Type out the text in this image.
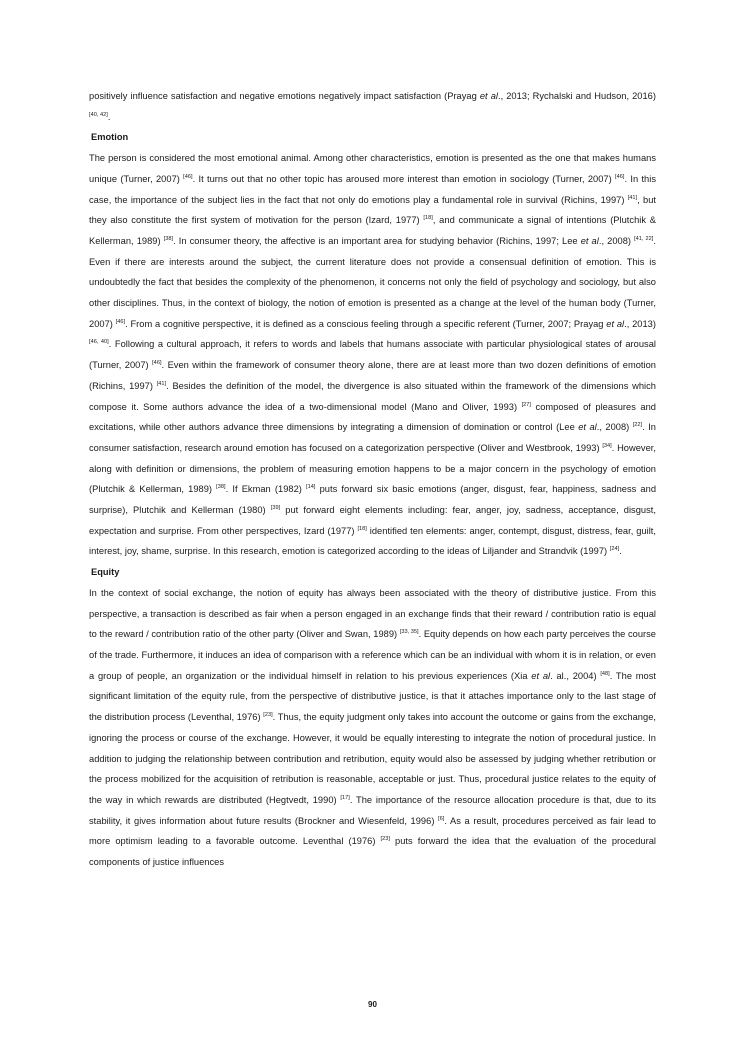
positively influence satisfaction and negative emotions negatively impact satisfaction (Prayag et al., 2013; Rychalski and Hudson, 2016) [40, 42].

Emotion

The person is considered the most emotional animal. Among other characteristics, emotion is presented as the one that makes humans unique (Turner, 2007) [46]. It turns out that no other topic has aroused more interest than emotion in sociology (Turner, 2007) [46]. In this case, the importance of the subject lies in the fact that not only do emotions play a fundamental role in survival (Richins, 1997) [41], but they also constitute the first system of motivation for the person (Izard, 1977) [18], and communicate a signal of intentions (Plutchik & Kellerman, 1989) [38]. In consumer theory, the affective is an important area for studying behavior (Richins, 1997; Lee et al., 2008) [41, 22]. Even if there are interests around the subject, the current literature does not provide a consensual definition of emotion. This is undoubtedly the fact that besides the complexity of the phenomenon, it concerns not only the field of psychology and sociology, but also other disciplines. Thus, in the context of biology, the notion of emotion is presented as a change at the level of the human body (Turner, 2007) [46]. From a cognitive perspective, it is defined as a conscious feeling through a specific referent (Turner, 2007; Prayag et al., 2013) [46, 40]. Following a cultural approach, it refers to words and labels that humans associate with particular physiological states of arousal (Turner, 2007) [46]. Even within the framework of consumer theory alone, there are at least more than two dozen definitions of emotion (Richins, 1997) [41]. Besides the definition of the model, the divergence is also situated within the framework of the dimensions which compose it. Some authors advance the idea of a two-dimensional model (Mano and Oliver, 1993) [27] composed of pleasures and excitations, while other authors advance three dimensions by integrating a dimension of domination or control (Lee et al., 2008) [22]. In consumer satisfaction, research around emotion has focused on a categorization perspective (Oliver and Westbrook, 1993) [34]. However, along with definition or dimensions, the problem of measuring emotion happens to be a major concern in the psychology of emotion (Plutchik & Kellerman, 1989) [38]. If Ekman (1982) [14] puts forward six basic emotions (anger, disgust, fear, happiness, sadness and surprise), Plutchik and Kellerman (1980) [39] put forward eight elements including: fear, anger, joy, sadness, acceptance, disgust, expectation and surprise. From other perspectives, Izard (1977) [18] identified ten elements: anger, contempt, disgust, distress, fear, guilt, interest, joy, shame, surprise. In this research, emotion is categorized according to the ideas of Liljander and Strandvik (1997) [24].

Equity

In the context of social exchange, the notion of equity has always been associated with the theory of distributive justice. From this perspective, a transaction is described as fair when a person engaged in an exchange finds that their reward / contribution ratio is equal to the reward / contribution ratio of the other party (Oliver and Swan, 1989) [33, 35]. Equity depends on how each party perceives the course of the trade. Furthermore, it induces an idea of comparison with a reference which can be an individual with whom it is in relation, or even a group of people, an organization or the individual himself in relation to his previous experiences (Xia et al. al., 2004) [48]. The most significant limitation of the equity rule, from the perspective of distributive justice, is that it attaches importance only to the last stage of the distribution process (Leventhal, 1976) [23]. Thus, the equity judgment only takes into account the outcome or gains from the exchange, ignoring the process or course of the exchange. However, it would be equally interesting to integrate the notion of procedural justice. In addition to judging the relationship between contribution and retribution, equity would also be assessed by judging whether retribution or the process mobilized for the acquisition of retribution is reasonable, acceptable or just. Thus, procedural justice relates to the equity of the way in which rewards are distributed (Hegtvedt, 1990) [17]. The importance of the resource allocation procedure is that, due to its stability, it gives information about future results (Brockner and Wiesenfeld, 1996) [6]. As a result, procedures perceived as fair lead to more optimism leading to a favorable outcome. Leventhal (1976) [23] puts forward the idea that the evaluation of the procedural components of justice influences

90
